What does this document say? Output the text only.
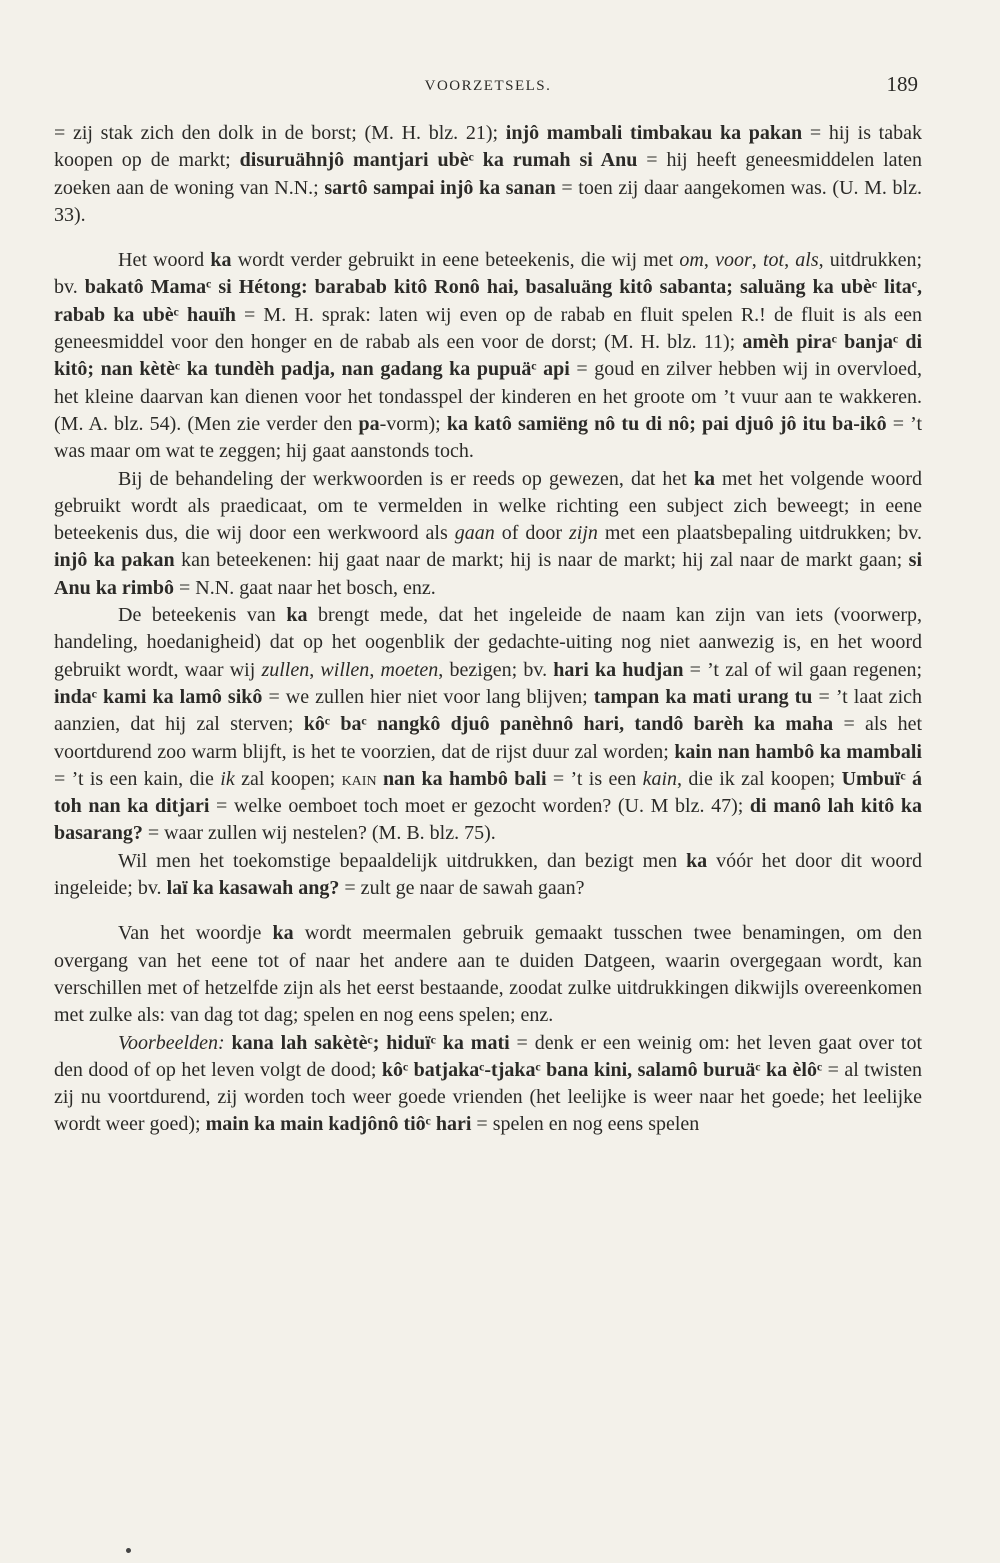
VOORZETSELS.	189

= zij stak zich den dolk in de borst; (M. H. blz. 21); injô mambali timbakau ka pakan = hij is tabak koopen op de markt; disuruähnjô mantjari ubèᶜ ka rumah si Anu = hij heeft geneesmiddelen laten zoeken aan de woning van N.N.; sartô sampai injô ka sanan = toen zij daar aangekomen was. (U. M. blz. 33).

Het woord ka wordt verder gebruikt in eene beteekenis, die wij met om, voor, tot, als, uitdrukken; bv. bakatô Mamaᶜ si Hétong: barabab kitô Ronô hai, basaluäng kitô sabanta; saluäng ka ubèᶜ litaᶜ, rabab ka ubèᶜ hauïh = M. H. sprak: laten wij even op de rabab en fluit spelen R.! de fluit is als een geneesmiddel voor den honger en de rabab als een voor de dorst; (M. H. blz. 11); amèh piraᶜ banjaᶜ di kitô; nan kètèᶜ ka tundèh padja, nan gadang ka pupuäᶜ api = goud en zilver hebben wij in overvloed, het kleine daarvan kan dienen voor het tondasspel der kinderen en het groote om ’t vuur aan te wakkeren. (M. A. blz. 54). (Men zie verder den pa-vorm); ka katô samiëng nô tu di nô; pai djuô jô itu ba-ikô = ’t was maar om wat te zeggen; hij gaat aanstonds toch.

Bij de behandeling der werkwoorden is er reeds op gewezen, dat het ka met het volgende woord gebruikt wordt als praedicaat, om te vermelden in welke richting een subject zich beweegt; in eene beteekenis dus, die wij door een werkwoord als gaan of door zijn met een plaatsbepaling uitdrukken; bv. injô ka pakan kan beteekenen: hij gaat naar de markt; hij is naar de markt; hij zal naar de markt gaan; si Anu ka rimbô = N.N. gaat naar het bosch, enz.

De beteekenis van ka brengt mede, dat het ingeleide de naam kan zijn van iets (voorwerp, handeling, hoedanigheid) dat op het oogenblik der gedachte-uiting nog niet aanwezig is, en het woord gebruikt wordt, waar wij zullen, willen, moeten, bezigen; bv. hari ka hudjan = ’t zal of wil gaan regenen; indaᶜ kami ka lamô sikô = we zullen hier niet voor lang blijven; tampan ka mati urang tu = ’t laat zich aanzien, dat hij zal sterven; kôᶜ baᶜ nangkô djuô panèhnô hari, tandô barèh ka maha = als het voortdurend zoo warm blijft, is het te voorzien, dat de rijst duur zal worden; kain nan hambô ka mambali = ’t is een kain, die ik zal koopen; kain nan ka hambô bali = ’t is een kain, die ik zal koopen; Umbuïᶜ á toh nan ka ditjari = welke oemboet toch moet er gezocht worden? (U. M blz. 47); di manô lah kitô ka basarang? = waar zullen wij nestelen? (M. B. blz. 75).

Wil men het toekomstige bepaaldelijk uitdrukken, dan bezigt men ka vóór het door dit woord ingeleide; bv. laï ka kasawah ang? = zult ge naar de sawah gaan?

Van het woordje ka wordt meermalen gebruik gemaakt tusschen twee benamingen, om den overgang van het eene tot of naar het andere aan te duiden Datgeen, waarin overgegaan wordt, kan verschillen met of hetzelfde zijn als het eerst bestaande, zoodat zulke uitdrukkingen dikwijls overeenkomen met zulke als: van dag tot dag; spelen en nog eens spelen; enz.

Voorbeelden: kana lah sakètèᶜ; hiduïᶜ ka mati = denk er een weinig om: het leven gaat over tot den dood of op het leven volgt de dood; kôᶜ batjakaᶜ-tjakaᶜ bana kini, salamô buruäᶜ ka èlôᶜ = al twisten zij nu voortdurend, zij worden toch weer goede vrienden (het leelijke is weer naar het goede; het leelijke wordt weer goed); main ka main kadjônô tiôᶜ hari = spelen en nog eens spelen
